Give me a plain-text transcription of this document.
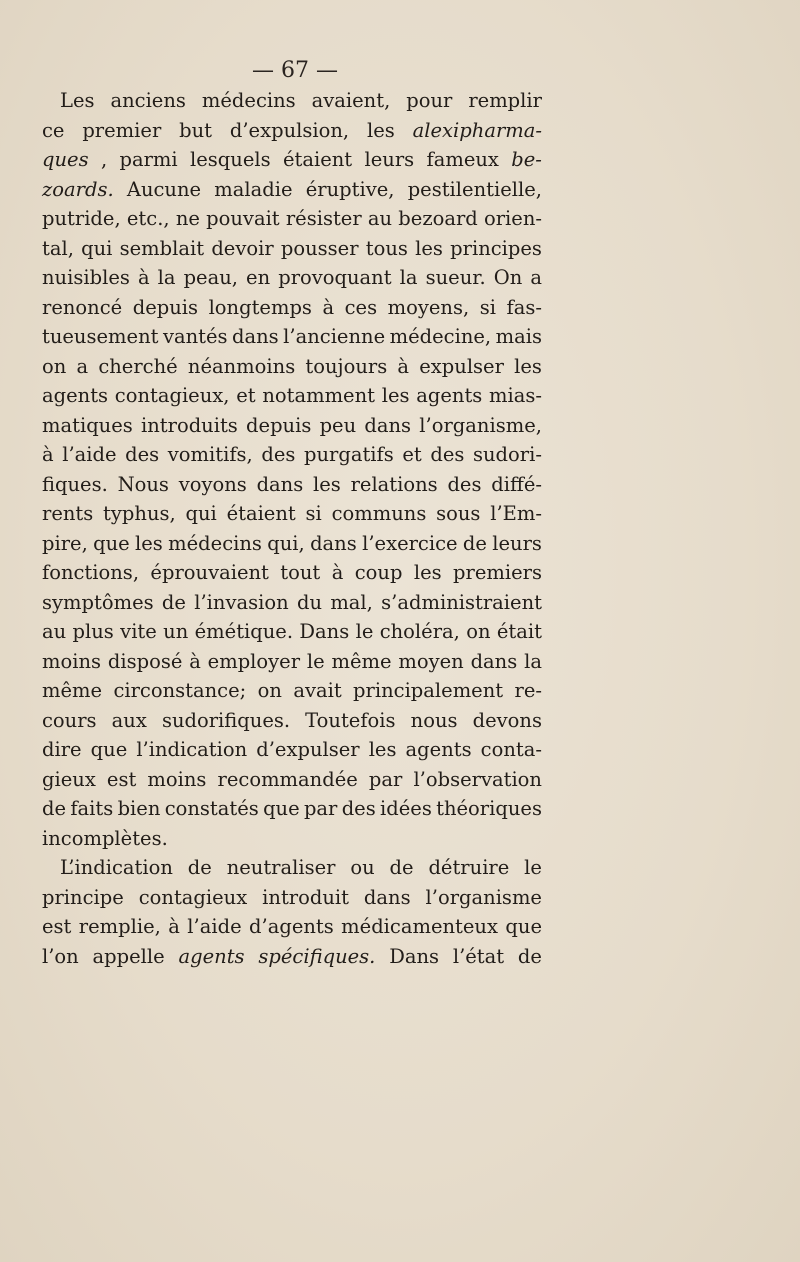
— 67 —
Les anciens médecins avaient, pour remplir
ce premier but d’expulsion, les alexipharma-
ques , parmi lesquels étaient leurs fameux be-
zoards. Aucune maladie éruptive, pestilentielle,
putride, etc., ne pouvait résister au bezoard orien-
tal, qui semblait devoir pousser tous les principes
nuisibles à la peau, en provoquant la sueur. On a
renoncé depuis longtemps à ces moyens, si fas-
tueusement vantés dans l’ancienne médecine, mais
on a cherché néanmoins toujours à expulser les
agents contagieux, et notamment les agents mias-
matiques introduits depuis peu dans l’organisme,
à l’aide des vomitifs, des purgatifs et des sudori-
fiques. Nous voyons dans les relations des diffé-
rents typhus, qui étaient si communs sous l’Em-
pire, que les médecins qui, dans l’exercice de leurs
fonctions, éprouvaient tout à coup les premiers
symptômes de l’invasion du mal, s’administraient
au plus vite un émétique. Dans le choléra, on était
moins disposé à employer le même moyen dans la
même circonstance; on avait principalement re-
cours aux sudorifiques. Toutefois nous devons
dire que l’indication d’expulser les agents conta-
gieux est moins recommandée par l’observation
de faits bien constatés que par des idées théoriques
incomplètes.
L’indication de neutraliser ou de détruire le
principe contagieux introduit dans l’organisme
est remplie, à l’aide d’agents médicamenteux que
l’on appelle agents spécifiques. Dans l’état de
